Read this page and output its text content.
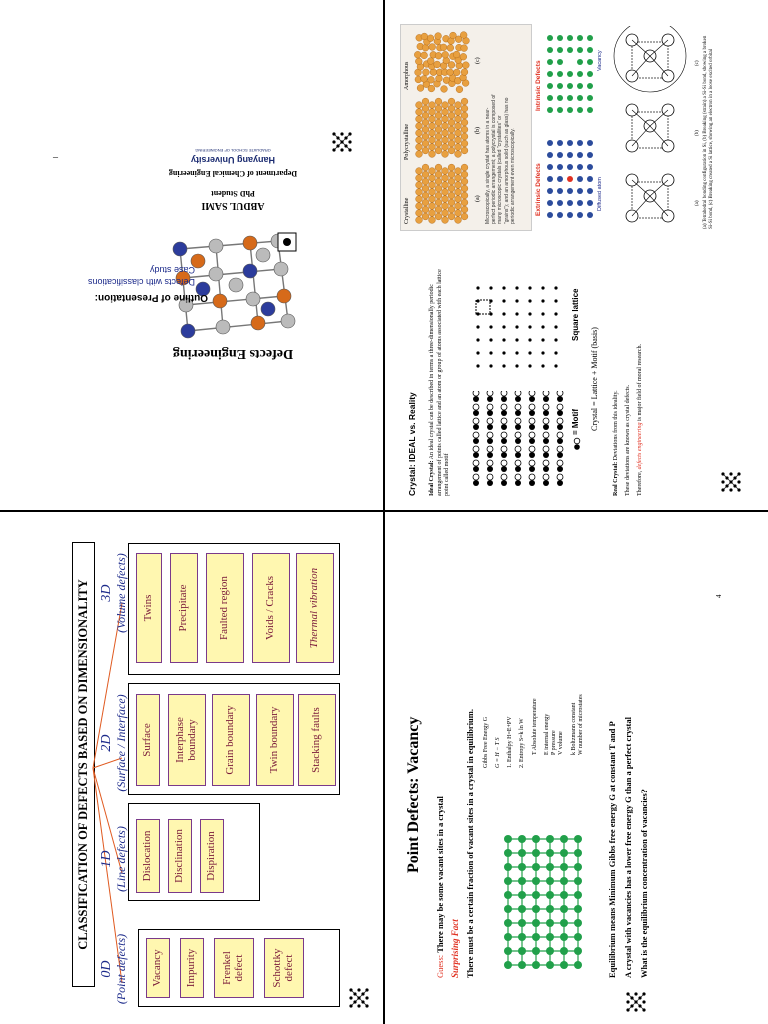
Defects Engineering
ABDUL SAMI
PhD Student
Department of Chemical Engineering
Hanyang University
GRADUATE SCHOOL OF ENGINEERING
–
Outline of Presentation:
Defects with classifications
Case study
Crystal: IDEAL vs. Reality Ideal Crystal: An ideal crystal can be described in terms a three-dimensionally periodic arrangement of points called lattice and an atom or group of atoms associated with each lattice point called motif
= Motif
Square lattice
Crystal = Lattice + Motif (basis)
Real Crystal: Deviations from this ideality. These deviations are known as crystal defects. Therefore, defects engineering is major field of moral research.
Crystalline
Polycrystalline
Amorphous
(a)
(b)
(c)
Microscopically, a single crystal has atoms in a near-perfect periodic arrangement; a polycrystal is composed of many microscopic crystals (called "crystallites" or "grains"); and an amorphous solid (such as glass) has no periodic arrangement even microscopically.	Extrinsic Defects
Intrinsic Defects
Diffused atom
Vacancy
(a)
(b)
(c) (a) Tetrahedral bonding configuration in Si, (b) Breaking (strain) a Si-Si bond, showing a broken Si-Si bond, (c) Breaking created a Si lattice, showing an electron in a loose excited orbital
Point Defects: Vacancy
Guess: There may be some vacant sites in a crystal Surprising Fact There must be a certain fraction of vacant sites in a crystal in equilibrium. Gibbs Free Energy G G = H − T S 1. Enthalpy H=E+PV 2. Entropy S=k ln W T Absolute temperature E internal energy P pressure V volume k Boltzmann constant W number of microstates	Equilibrium means Minimum Gibbs free energy G at constant T and P A crystal with vacancies has a lower free energy G than a perfect crystal What is the equilibrium concentration of vacancies?
4
CLASSIFICATION OF DEFECTS BASED ON DIMENSIONALITY
0D (Point defects)
1D (Line defects)
2D (Surface / Interface)
3D (Volume defects)
Vacancy	Impurity	Frenkel defect	Schottky defect
Dislocation	Disclination	Dispiration
Surface	Interphase boundary	Grain boundary	Twin boundary	Stacking faults
Twins	Precipitate	Faulted region	Voids / Cracks	Thermal vibration
